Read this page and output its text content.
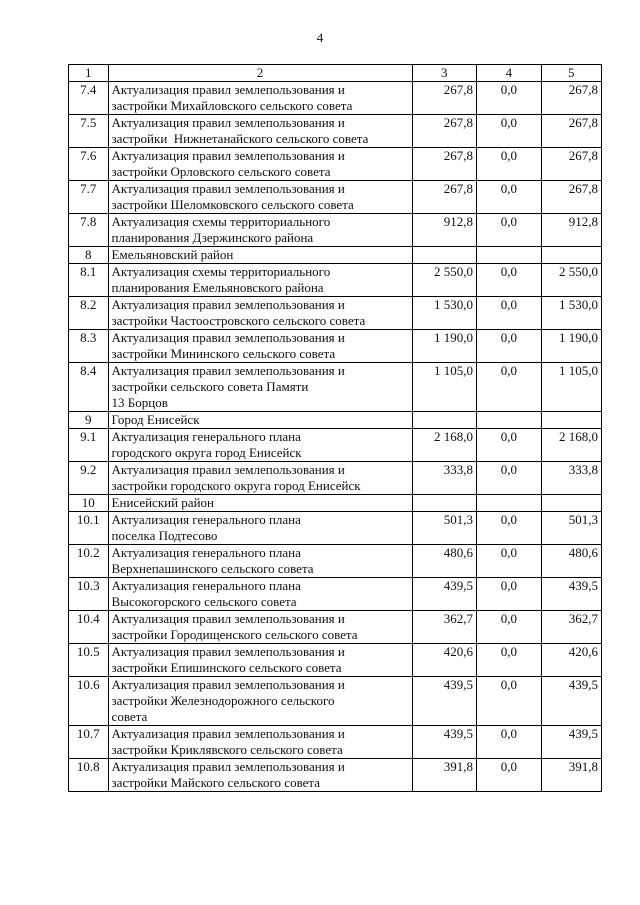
4
1	2	3	4	5
7.4	Актуализация правил землепользования и
застройки Михайловского сельского совета	267,8	0,0	267,8
7.5	Актуализация правил землепользования и
застройки  Нижнетанайского сельского совета	267,8	0,0	267,8
7.6	Актуализация правил землепользования и
застройки Орловского сельского совета	267,8	0,0	267,8
7.7	Актуализация правил землепользования и
застройки Шеломковского сельского совета	267,8	0,0	267,8
7.8	Актуализация схемы территориального
планирования Дзержинского района	912,8	0,0	912,8
8	Емельяновский район			

8.1	Актуализация схемы территориального
планирования Емельяновского района	2 550,0	0,0	2 550,0
8.2	Актуализация правил землепользования и
застройки Частоостровского сельского совета	1 530,0	0,0	1 530,0
8.3	Актуализация правил землепользования и
застройки Мининского сельского совета	1 190,0	0,0	1 190,0
8.4	Актуализация правил землепользования и
застройки сельского совета Памяти
13 Борцов	1 105,0	0,0	1 105,0
9	Город Енисейск			

9.1	Актуализация генерального плана
городского округа город Енисейск	2 168,0	0,0	2 168,0
9.2	Актуализация правил землепользования и
застройки городского округа город Енисейск	333,8	0,0	333,8
10	Енисейский район			

10.1	Актуализация генерального плана
поселка Подтесово	501,3	0,0	501,3
10.2	Актуализация генерального плана
Верхнепашинского сельского совета	480,6	0,0	480,6
10.3	Актуализация генерального плана
Высокогорского сельского совета	439,5	0,0	439,5
10.4	Актуализация правил землепользования и
застройки Городищенского сельского совета	362,7	0,0	362,7
10.5	Актуализация правил землепользования и
застройки Епишинского сельского совета	420,6	0,0	420,6
10.6	Актуализация правил землепользования и
застройки Железнодорожного сельского
совета	439,5	0,0	439,5
10.7	Актуализация правил землепользования и
застройки Криклявского сельского совета	439,5	0,0	439,5
10.8	Актуализация правил землепользования и
застройки Майского сельского совета	391,8	0,0	391,8
